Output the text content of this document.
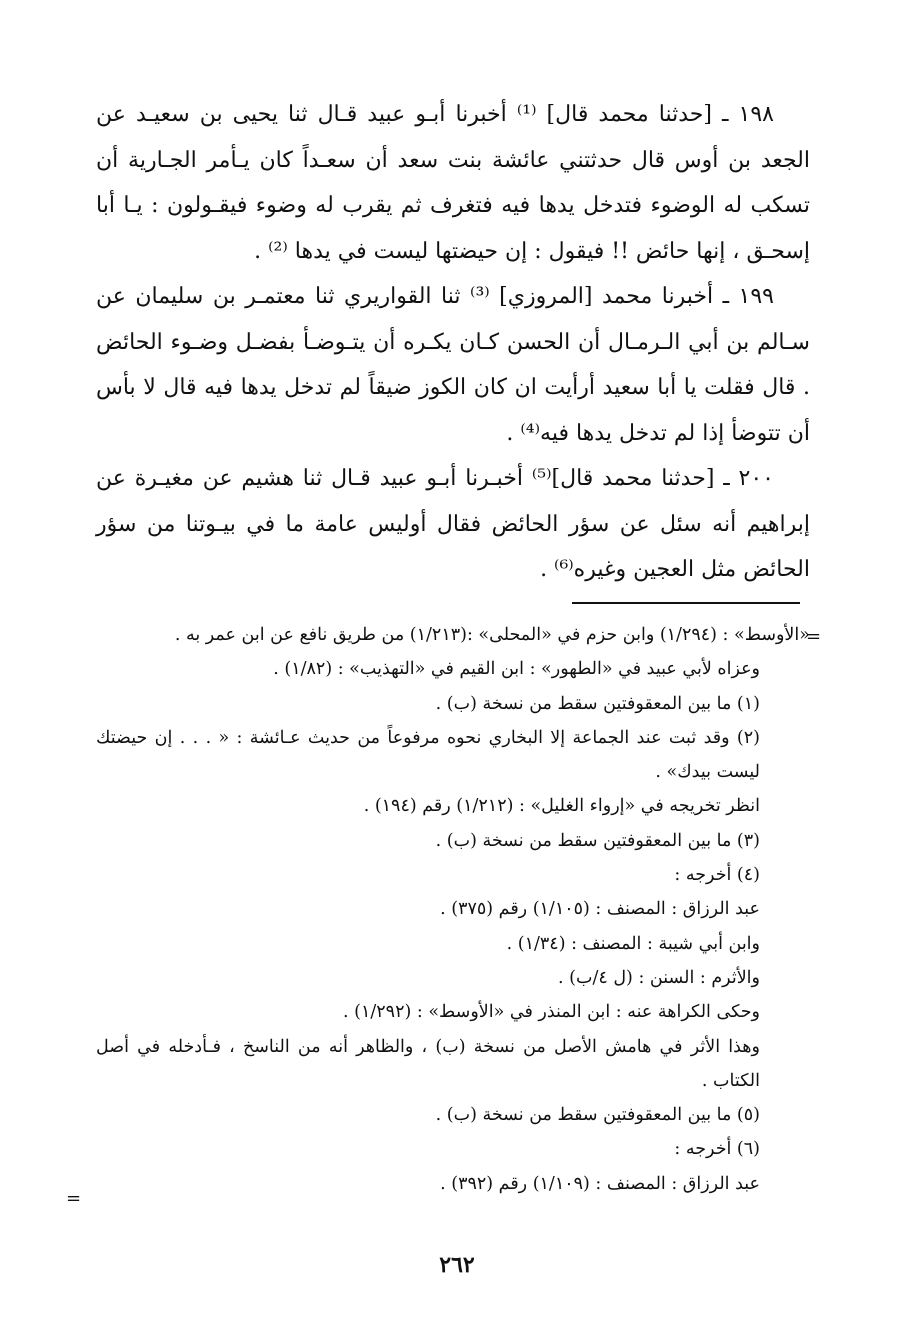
١٩٨ ـ [حدثنا محمد قال] ⁽¹⁾ أخبرنا أبـو عبيد قـال ثنا يحيى بن سعيـد عن الجعد بن أوس قال حدثتني عائشة بنت سعد أن سعـداً كان يـأمر الجـارية أن تسكب له الوضوء فتدخل يدها فيه فتغرف ثم يقرب له وضوء فيقـولون : يـا أبا إسحـق ، إنها حائض !! فيقول : إن حيضتها ليست في يدها ⁽²⁾ .

١٩٩ ـ أخبرنا محمد [المروزي] ⁽³⁾ ثنا القواريري ثنا معتمـر بن سليمان عن سـالم بن أبي الـرمـال أن الحسن كـان يكـره أن يتـوضـأ بفضـل وضـوء الحائض . قال فقلت يا أبا سعيد أرأيت ان كان الكوز ضيقاً لم تدخل يدها فيه قال لا بأس أن تتوضأ إذا لم تدخل يدها فيه⁽⁴⁾ .

٢٠٠ ـ [حدثنا محمد قال]⁽⁵⁾ أخبـرنا أبـو عبيد قـال ثنا هشيم عن مغيـرة عن إبراهيم أنه سئل عن سؤر الحائض فقال أوليس عامة ما في بيـوتنا من سؤر الحائض مثل العجين وغيره⁽⁶⁾ .

=

«الأوسط» : (١/٢٩٤) وابن حزم في «المحلى» :(١/٢١٣) من طريق نافع عن ابن عمر به .

وعزاه لأبي عبيد في «الطهور» : ابن القيم في «التهذيب» : (١/٨٢) .

(١) ما بين المعقوفتين سقط من نسخة (ب) .

(٢) وقد ثبت عند الجماعة إلا البخاري نحوه مرفوعاً من حديث عـائشة : « . . . إن حيضتك ليست بيدك» .

انظر تخريجه في «إرواء الغليل» : (١/٢١٢) رقم (١٩٤) .

(٣) ما بين المعقوفتين سقط من نسخة (ب) .

(٤) أخرجه :

عبد الرزاق : المصنف : (١/١٠٥) رقم (٣٧٥) .

وابن أبي شيبة : المصنف : (١/٣٤) .

والأثرم : السنن : (ل ٤/ب) .

وحكى الكراهة عنه : ابن المنذر في «الأوسط» : (١/٢٩٢) .

وهذا الأثر في هامش الأصل من نسخة (ب) ، والظاهر أنه من الناسخ ، فـأدخله في أصل الكتاب .

(٥) ما بين المعقوفتين سقط من نسخة (ب) .

(٦) أخرجه :

عبد الرزاق : المصنف : (١/١٠٩) رقم (٣٩٢) .

=
٢٦٢
